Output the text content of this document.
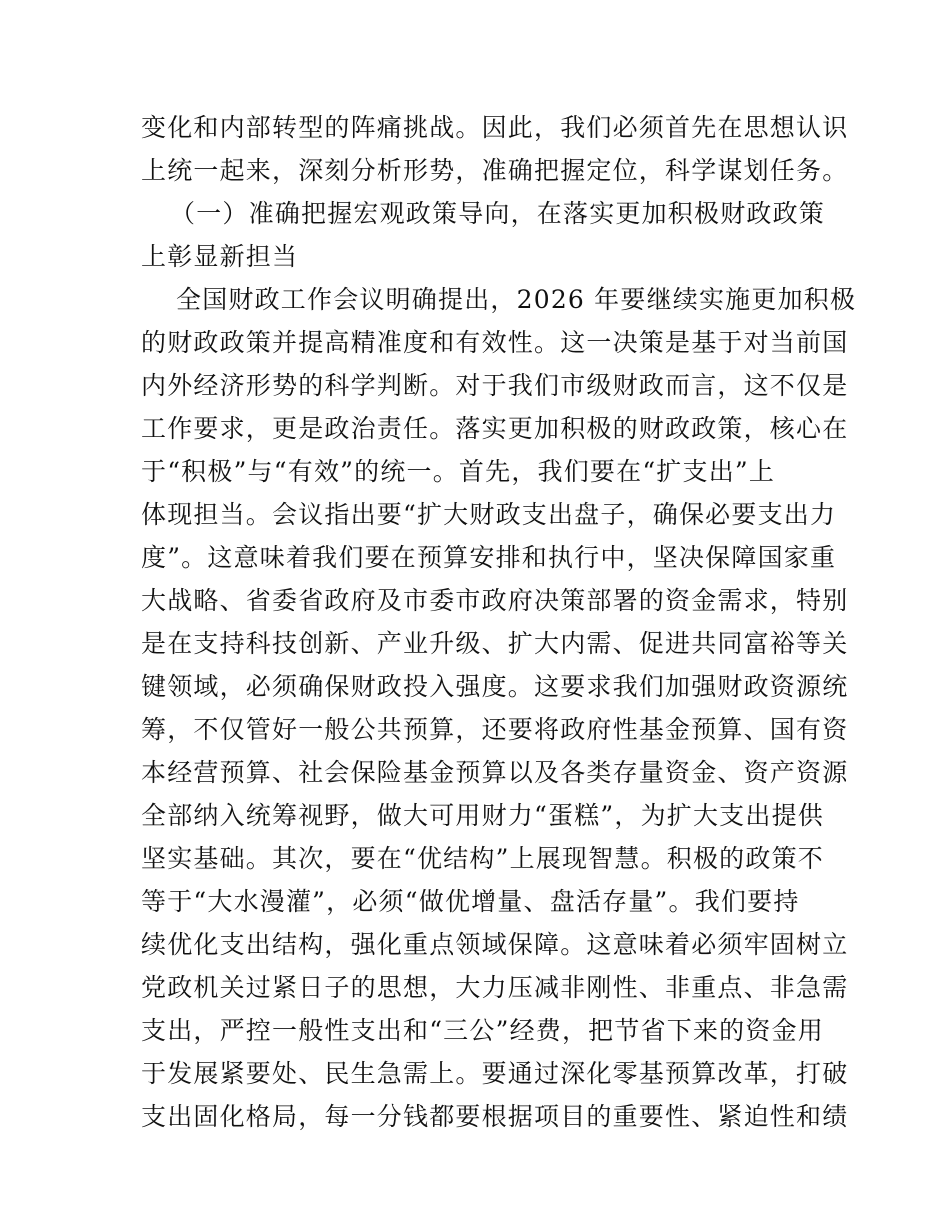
变化和内部转型的阵痛挑战。因此，我们必须首先在思想认识
上统一起来，深刻分析形势，准确把握定位，科学谋划任务。
（一）准确把握宏观政策导向，在落实更加积极财政政策
上彰显新担当
全国财政工作会议明确提出，2026 年要继续实施更加积极
的财政政策并提高精准度和有效性。这一决策是基于对当前国
内外经济形势的科学判断。对于我们市级财政而言，这不仅是
工作要求，更是政治责任。落实更加积极的财政政策，核心在
于“积极”与“有效”的统一。首先，我们要在“扩支出”上
体现担当。会议指出要“扩大财政支出盘子，确保必要支出力
度”。这意味着我们要在预算安排和执行中，坚决保障国家重
大战略、省委省政府及市委市政府决策部署的资金需求，特别
是在支持科技创新、产业升级、扩大内需、促进共同富裕等关
键领域，必须确保财政投入强度。这要求我们加强财政资源统
筹，不仅管好一般公共预算，还要将政府性基金预算、国有资
本经营预算、社会保险基金预算以及各类存量资金、资产资源
全部纳入统筹视野，做大可用财力“蛋糕”，为扩大支出提供
坚实基础。其次，要在“优结构”上展现智慧。积极的政策不
等于“大水漫灌”，必须“做优增量、盘活存量”。我们要持
续优化支出结构，强化重点领域保障。这意味着必须牢固树立
党政机关过紧日子的思想，大力压减非刚性、非重点、非急需
支出，严控一般性支出和“三公”经费，把节省下来的资金用
于发展紧要处、民生急需上。要通过深化零基预算改革，打破
支出固化格局，每一分钱都要根据项目的重要性、紧迫性和绩
